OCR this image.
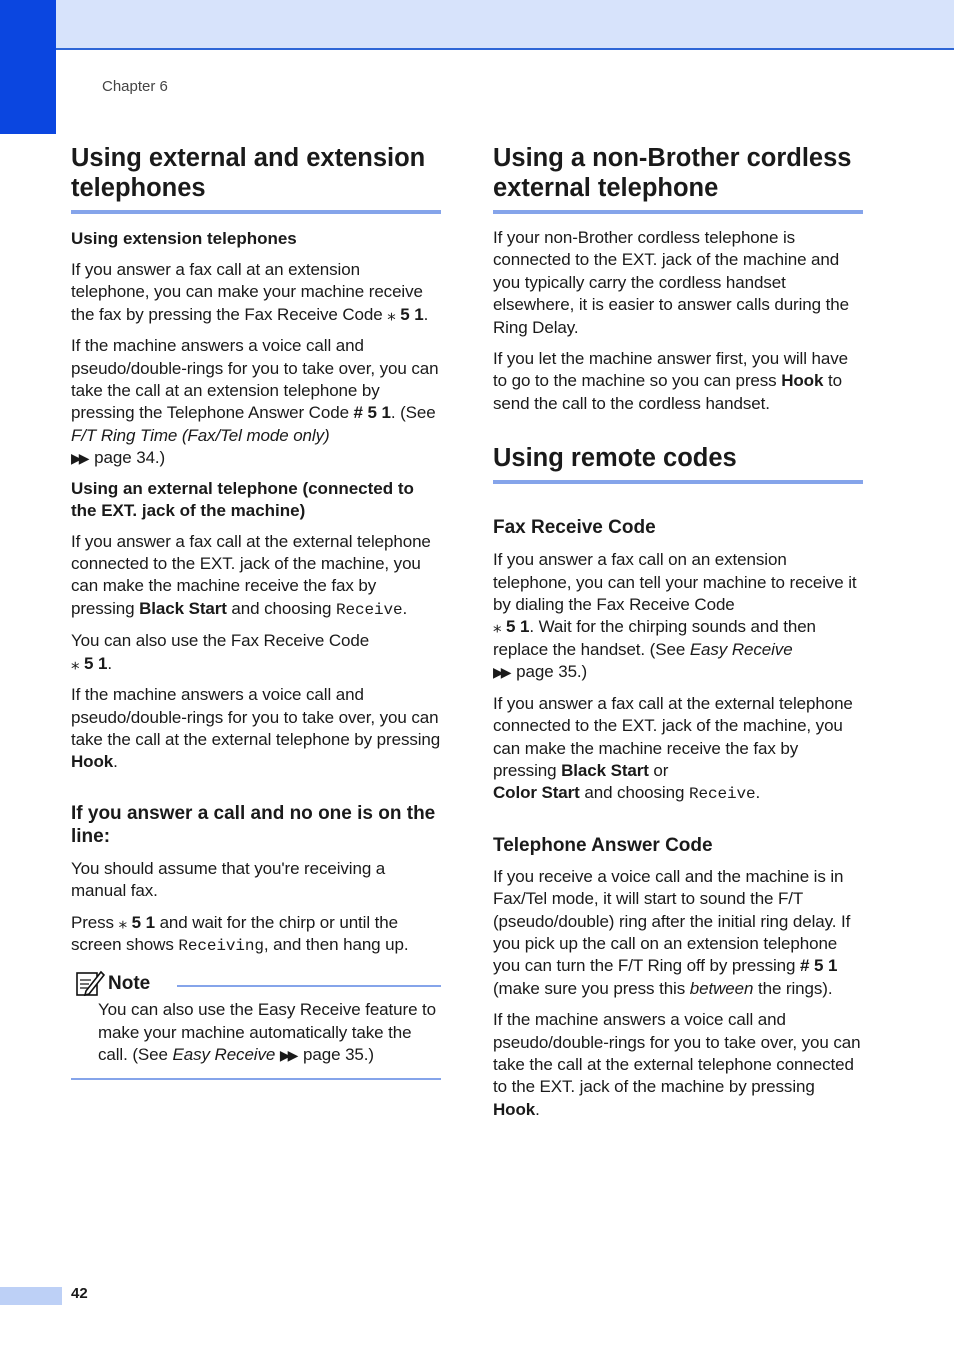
Chapter 6
Using external and extension telephones
Using extension telephones

If you answer a fax call at an extension telephone, you can make your machine receive the fax by pressing the Fax Receive Code ⁎ 5 1.

If the machine answers a voice call and pseudo/double-rings for you to take over, you can take the call at an extension telephone by pressing the Telephone Answer Code # 5 1. (See F/T Ring Time (Fax/Tel mode only)
▶▶ page 34.)

Using an external telephone (connected to the EXT. jack of the machine)

If you answer a fax call at the external telephone connected to the EXT. jack of the machine, you can make the machine receive the fax by pressing Black Start and choosing Receive.

You can also use the Fax Receive Code
⁎ 5 1.

If the machine answers a voice call and pseudo/double-rings for you to take over, you can take the call at the external telephone by pressing Hook.

If you answer a call and no one is on the line:

You should assume that you're receiving a manual fax.

Press ⁎ 5 1 and wait for the chirp or until the screen shows Receiving, and then hang up.

Note

You can also use the Easy Receive feature to make your machine automatically take the call. (See Easy Receive ▶▶ page 35.)

Using a non-Brother cordless external telephone

If your non-Brother cordless telephone is connected to the EXT. jack of the machine and you typically carry the cordless handset elsewhere, it is easier to answer calls during the Ring Delay.

If you let the machine answer first, you will have to go to the machine so you can press Hook to send the call to the cordless handset.

Using remote codes
Fax Receive Code

If you answer a fax call on an extension telephone, you can tell your machine to receive it by dialing the Fax Receive Code
⁎ 5 1. Wait for the chirping sounds and then replace the handset. (See Easy Receive
▶▶ page 35.)

If you answer a fax call at the external telephone connected to the EXT. jack of the machine, you can make the machine receive the fax by pressing Black Start or
Color Start and choosing Receive.

Telephone Answer Code

If you receive a voice call and the machine is in Fax/Tel mode, it will start to sound the F/T (pseudo/double) ring after the initial ring delay. If you pick up the call on an extension telephone you can turn the F/T Ring off by pressing # 5 1 (make sure you press this between the rings).

If the machine answers a voice call and pseudo/double-rings for you to take over, you can take the call at the external telephone connected to the EXT. jack of the machine by pressing Hook.

42
